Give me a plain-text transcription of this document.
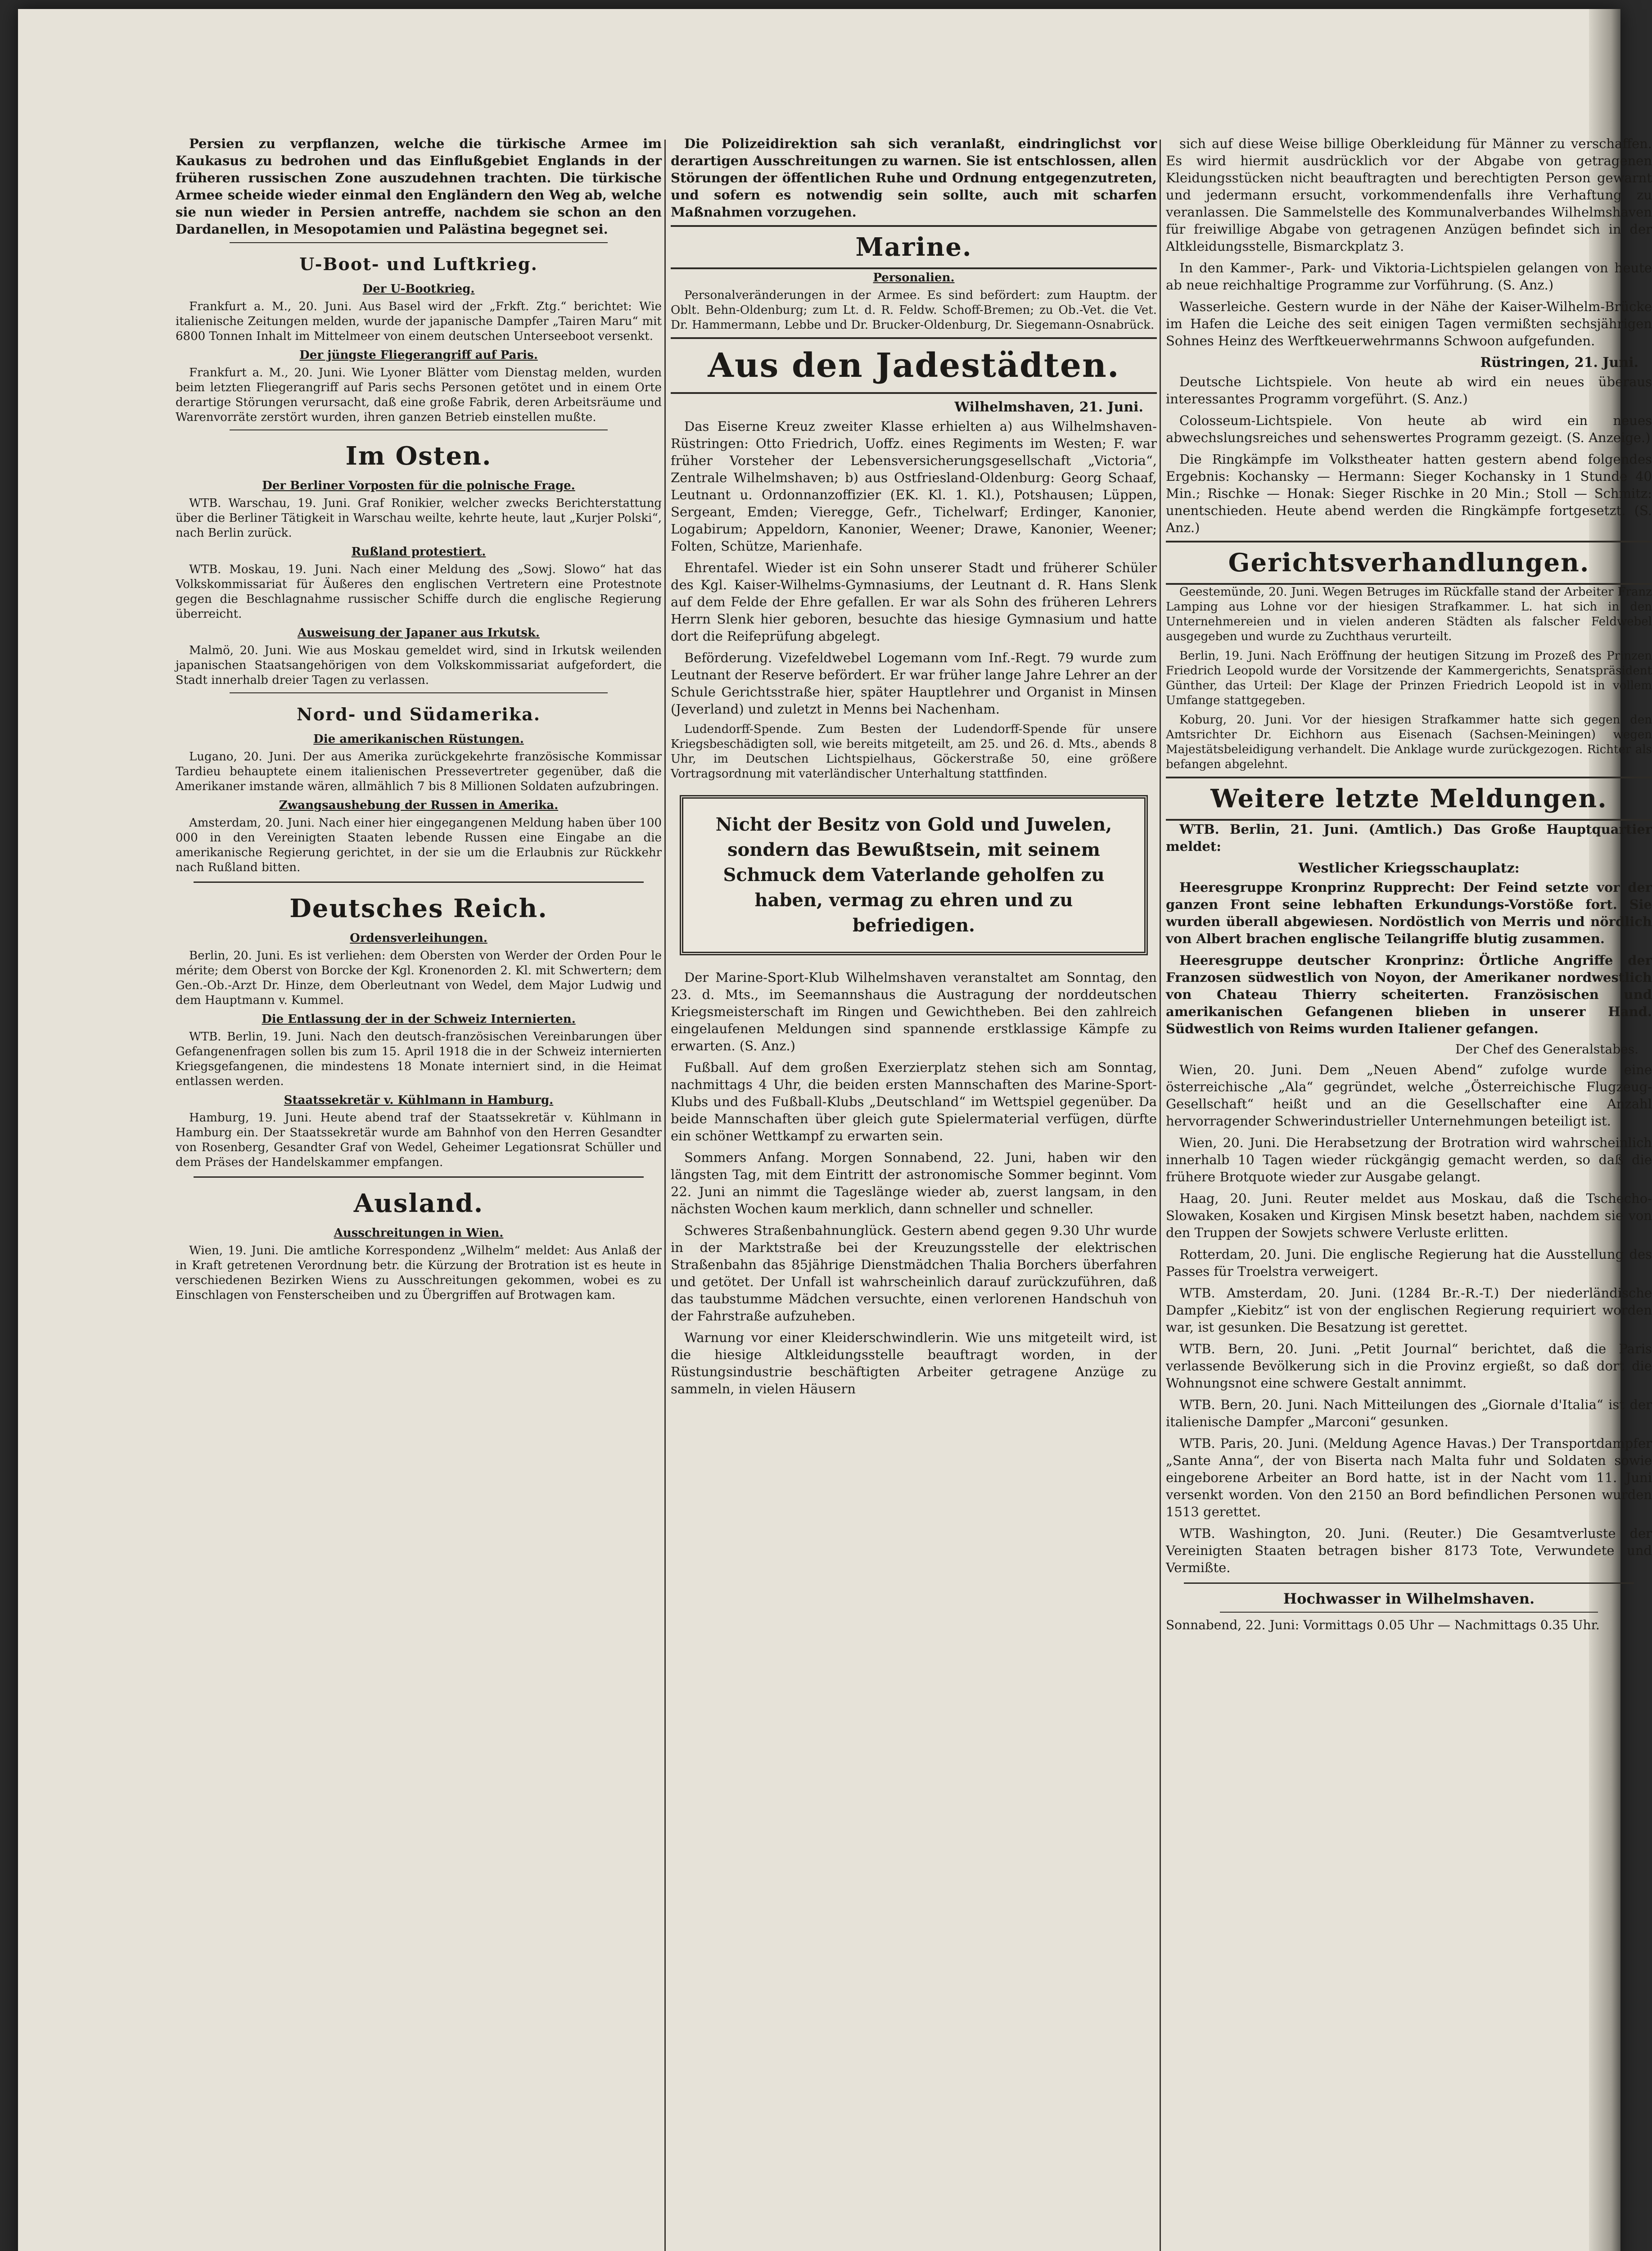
Persien zu verpflanzen, welche die türkische Armee im Kaukasus zu bedrohen und das Einflußgebiet Englands in der früheren russischen Zone auszudehnen trachten. Die türkische Armee scheide wieder einmal den Engländern den Weg ab, welche sie nun wieder in Persien antreffe, nachdem sie schon an den Dardanellen, in Mesopotamien und Palästina begegnet sei.

U-Boot- und Luftkrieg.
Der U-Bootkrieg.

Frankfurt a. M., 20. Juni. Aus Basel wird der „Frkft. Ztg.“ berichtet: Wie italienische Zeitungen melden, wurde der japanische Dampfer „Tairen Maru“ mit 6800 Tonnen Inhalt im Mittelmeer von einem deutschen Unterseeboot versenkt.

Der jüngste Fliegerangriff auf Paris.

Frankfurt a. M., 20. Juni. Wie Lyoner Blätter vom Dienstag melden, wurden beim letzten Fliegerangriff auf Paris sechs Personen getötet und in einem Orte derartige Störungen verursacht, daß eine große Fabrik, deren Arbeitsräume und Warenvorräte zerstört wurden, ihren ganzen Betrieb einstellen mußte.

Im Osten.
Der Berliner Vorposten für die polnische Frage.

WTB. Warschau, 19. Juni. Graf Ronikier, welcher zwecks Berichterstattung über die Berliner Tätigkeit in Warschau weilte, kehrte heute, laut „Kurjer Polski“, nach Berlin zurück.

Rußland protestiert.

WTB. Moskau, 19. Juni. Nach einer Meldung des „Sowj. Slowo“ hat das Volkskommissariat für Äußeres den englischen Vertretern eine Protestnote gegen die Beschlagnahme russischer Schiffe durch die englische Regierung überreicht.

Ausweisung der Japaner aus Irkutsk.

Malmö, 20. Juni. Wie aus Moskau gemeldet wird, sind in Irkutsk weilenden japanischen Staatsangehörigen von dem Volkskommissariat aufgefordert, die Stadt innerhalb dreier Tagen zu verlassen.

Nord- und Südamerika.
Die amerikanischen Rüstungen.

Lugano, 20. Juni. Der aus Amerika zurückgekehrte französische Kommissar Tardieu behauptete einem italienischen Pressevertreter gegenüber, daß die Amerikaner imstande wären, allmählich 7 bis 8 Millionen Soldaten aufzubringen.

Zwangsaushebung der Russen in Amerika.

Amsterdam, 20. Juni. Nach einer hier eingegangenen Meldung haben über 100 000 in den Vereinigten Staaten lebende Russen eine Eingabe an die amerikanische Regierung gerichtet, in der sie um die Erlaubnis zur Rückkehr nach Rußland bitten.

Deutsches Reich.
Ordensverleihungen.

Berlin, 20. Juni. Es ist verliehen: dem Obersten von Werder der Orden Pour le mérite; dem Oberst von Borcke der Kgl. Kronenorden 2. Kl. mit Schwertern; dem Gen.-Ob.-Arzt Dr. Hinze, dem Oberleutnant von Wedel, dem Major Ludwig und dem Hauptmann v. Kummel.

Die Entlassung der in der Schweiz Internierten.

WTB. Berlin, 19. Juni. Nach den deutsch-französischen Vereinbarungen über Gefangenenfragen sollen bis zum 15. April 1918 die in der Schweiz internierten Kriegsgefangenen, die mindestens 18 Monate interniert sind, in die Heimat entlassen werden.

Staatssekretär v. Kühlmann in Hamburg.

Hamburg, 19. Juni. Heute abend traf der Staatssekretär v. Kühlmann in Hamburg ein. Der Staatssekretär wurde am Bahnhof von den Herren Gesandter von Rosenberg, Gesandter Graf von Wedel, Geheimer Legationsrat Schüller und dem Präses der Handelskammer empfangen.

Ausland.
Ausschreitungen in Wien.

Wien, 19. Juni. Die amtliche Korrespondenz „Wilhelm“ meldet: Aus Anlaß der in Kraft getretenen Verordnung betr. die Kürzung der Brotration ist es heute in verschiedenen Bezirken Wiens zu Ausschreitungen gekommen, wobei es zu Einschlagen von Fensterscheiben und zu Übergriffen auf Brotwagen kam.

Die Polizeidirektion sah sich veranlaßt, eindringlichst vor derartigen Ausschreitungen zu warnen. Sie ist entschlossen, allen Störungen der öffentlichen Ruhe und Ordnung entgegenzutreten, und sofern es notwendig sein sollte, auch mit scharfen Maßnahmen vorzugehen.

Marine.
Personalien.

Personalveränderungen in der Armee. Es sind befördert: zum Hauptm. der Oblt. Behn-Oldenburg; zum Lt. d. R. Feldw. Schoff-Bremen; zu Ob.-Vet. die Vet. Dr. Hammermann, Lebbe und Dr. Brucker-Oldenburg, Dr. Siegemann-Osnabrück.

Aus den Jadestädten.
Wilhelmshaven, 21. Juni.

Das Eiserne Kreuz zweiter Klasse erhielten a) aus Wilhelmshaven-Rüstringen: Otto Friedrich, Uoffz. eines Regiments im Westen; F. war früher Vorsteher der Lebensversicherungsgesellschaft „Victoria“, Zentrale Wilhelmshaven; b) aus Ostfriesland-Oldenburg: Georg Schaaf, Leutnant u. Ordonnanzoffizier (EK. Kl. 1. Kl.), Potshausen; Lüppen, Sergeant, Emden; Vieregge, Gefr., Tichelwarf; Erdinger, Kanonier, Logabirum; Appeldorn, Kanonier, Weener; Drawe, Kanonier, Weener; Folten, Schütze, Marienhafe.

Ehrentafel. Wieder ist ein Sohn unserer Stadt und früherer Schüler des Kgl. Kaiser-Wilhelms-Gymnasiums, der Leutnant d. R. Hans Slenk auf dem Felde der Ehre gefallen. Er war als Sohn des früheren Lehrers Herrn Slenk hier geboren, besuchte das hiesige Gymnasium und hatte dort die Reifeprüfung abgelegt.

Beförderung. Vizefeldwebel Logemann vom Inf.-Regt. 79 wurde zum Leutnant der Reserve befördert. Er war früher lange Jahre Lehrer an der Schule Gerichtsstraße hier, später Hauptlehrer und Organist in Minsen (Jeverland) und zuletzt in Menns bei Nachenham.

Ludendorff-Spende. Zum Besten der Ludendorff-Spende für unsere Kriegsbeschädigten soll, wie bereits mitgeteilt, am 25. und 26. d. Mts., abends 8 Uhr, im Deutschen Lichtspielhaus, Göckerstraße 50, eine größere Vortragsordnung mit vaterländischer Unterhaltung stattfinden.

Nicht der Besitz von Gold und Juwelen, sondern das Bewußtsein, mit seinem Schmuck dem Vaterlande geholfen zu haben, vermag zu ehren und zu befriedigen.

Der Marine-Sport-Klub Wilhelmshaven veranstaltet am Sonntag, den 23. d. Mts., im Seemannshaus die Austragung der norddeutschen Kriegsmeisterschaft im Ringen und Gewichtheben. Bei den zahlreich eingelaufenen Meldungen sind spannende erstklassige Kämpfe zu erwarten. (S. Anz.)

Fußball. Auf dem großen Exerzierplatz stehen sich am Sonntag, nachmittags 4 Uhr, die beiden ersten Mannschaften des Marine-Sport-Klubs und des Fußball-Klubs „Deutschland“ im Wettspiel gegenüber. Da beide Mannschaften über gleich gute Spielermaterial verfügen, dürfte ein schöner Wettkampf zu erwarten sein.

Sommers Anfang. Morgen Sonnabend, 22. Juni, haben wir den längsten Tag, mit dem Eintritt der astronomische Sommer beginnt. Vom 22. Juni an nimmt die Tageslänge wieder ab, zuerst langsam, in den nächsten Wochen kaum merklich, dann schneller und schneller.

Schweres Straßenbahnunglück. Gestern abend gegen 9.30 Uhr wurde in der Marktstraße bei der Kreuzungsstelle der elektrischen Straßenbahn das 85jährige Dienstmädchen Thalia Borchers überfahren und getötet. Der Unfall ist wahrscheinlich darauf zurückzuführen, daß das taubstumme Mädchen versuchte, einen verlorenen Handschuh von der Fahrstraße aufzuheben.

Warnung vor einer Kleiderschwindlerin. Wie uns mitgeteilt wird, ist die hiesige Altkleidungsstelle beauftragt worden, in der Rüstungsindustrie beschäftigten Arbeiter getragene Anzüge zu sammeln, in vielen Häusern

sich auf diese Weise billige Oberkleidung für Männer zu verschaffen. Es wird hiermit ausdrücklich vor der Abgabe von getragenen Kleidungsstücken nicht beauftragten und berechtigten Person gewarnt und jedermann ersucht, vorkommendenfalls ihre Verhaftung zu veranlassen. Die Sammelstelle des Kommunalverbandes Wilhelmshaven für freiwillige Abgabe von getragenen Anzügen befindet sich in der Altkleidungsstelle, Bismarckplatz 3.

In den Kammer-, Park- und Viktoria-Lichtspielen gelangen von heute ab neue reichhaltige Programme zur Vorführung. (S. Anz.)

Wasserleiche. Gestern wurde in der Nähe der Kaiser-Wilhelm-Brücke im Hafen die Leiche des seit einigen Tagen vermißten sechsjährigen Sohnes Heinz des Werftkeuerwehrmanns Schwoon aufgefunden.

Rüstringen, 21. Juni.

Deutsche Lichtspiele. Von heute ab wird ein neues überaus interessantes Programm vorgeführt. (S. Anz.)

Colosseum-Lichtspiele. Von heute ab wird ein neues abwechslungsreiches und sehenswertes Programm gezeigt. (S. Anzeige.)

Die Ringkämpfe im Volkstheater hatten gestern abend folgendes Ergebnis: Kochansky — Hermann: Sieger Kochansky in 1 Stunde 40 Min.; Rischke — Honak: Sieger Rischke in 20 Min.; Stoll — Schmitz: unentschieden. Heute abend werden die Ringkämpfe fortgesetzt. (S. Anz.)

Gerichtsverhandlungen.

Geestemünde, 20. Juni. Wegen Betruges im Rückfalle stand der Arbeiter Franz Lamping aus Lohne vor der hiesigen Strafkammer. L. hat sich in den Unternehmereien und in vielen anderen Städten als falscher Feldwebel ausgegeben und wurde zu Zuchthaus verurteilt.

Berlin, 19. Juni. Nach Eröffnung der heutigen Sitzung im Prozeß des Prinzen Friedrich Leopold wurde der Vorsitzende der Kammergerichts, Senatspräsident Günther, das Urteil: Der Klage der Prinzen Friedrich Leopold ist in vollem Umfange stattgegeben.

Koburg, 20. Juni. Vor der hiesigen Strafkammer hatte sich gegen den Amtsrichter Dr. Eichhorn aus Eisenach (Sachsen-Meiningen) wegen Majestätsbeleidigung verhandelt. Die Anklage wurde zurückgezogen. Richter als befangen abgelehnt.

Weitere letzte Meldungen.

WTB. Berlin, 21. Juni. (Amtlich.) Das Große Hauptquartier meldet:

Westlicher Kriegsschauplatz:

Heeresgruppe Kronprinz Rupprecht: Der Feind setzte vor der ganzen Front seine lebhaften Erkundungs-Vorstöße fort. Sie wurden überall abgewiesen. Nordöstlich von Merris und nördlich von Albert brachen englische Teilangriffe blutig zusammen.

Heeresgruppe deutscher Kronprinz: Örtliche Angriffe der Franzosen südwestlich von Noyon, der Amerikaner nordwestlich von Chateau Thierry scheiterten. Französischen und amerikanischen Gefangenen blieben in unserer Hand. Südwestlich von Reims wurden Italiener gefangen.

Der Chef des Generalstabes.

Wien, 20. Juni. Dem „Neuen Abend“ zufolge wurde eine österreichische „Ala“ gegründet, welche „Österreichische Flugzeug-Gesellschaft“ heißt und an die Gesellschafter eine Anzahl hervorragender Schwerindustrieller Unternehmungen beteiligt ist.

Wien, 20. Juni. Die Herabsetzung der Brotration wird wahrscheinlich innerhalb 10 Tagen wieder rückgängig gemacht werden, so daß die frühere Brotquote wieder zur Ausgabe gelangt.

Haag, 20. Juni. Reuter meldet aus Moskau, daß die Tschecho-Slowaken, Kosaken und Kirgisen Minsk besetzt haben, nachdem sie von den Truppen der Sowjets schwere Verluste erlitten.

Rotterdam, 20. Juni. Die englische Regierung hat die Ausstellung des Passes für Troelstra verweigert.

WTB. Amsterdam, 20. Juni. (1284 Br.-R.-T.) Der niederländische Dampfer „Kiebitz“ ist von der englischen Regierung requiriert worden war, ist gesunken. Die Besatzung ist gerettet.

WTB. Bern, 20. Juni. „Petit Journal“ berichtet, daß die Paris verlassende Bevölkerung sich in die Provinz ergießt, so daß dort die Wohnungsnot eine schwere Gestalt annimmt.

WTB. Bern, 20. Juni. Nach Mitteilungen des „Giornale d'Italia“ ist der italienische Dampfer „Marconi“ gesunken.

WTB. Paris, 20. Juni. (Meldung Agence Havas.) Der Transportdampfer „Sante Anna“, der von Biserta nach Malta fuhr und Soldaten sowie eingeborene Arbeiter an Bord hatte, ist in der Nacht vom 11. Juni versenkt worden. Von den 2150 an Bord befindlichen Personen wurden 1513 gerettet.

WTB. Washington, 20. Juni. (Reuter.) Die Gesamtverluste der Vereinigten Staaten betragen bisher 8173 Tote, Verwundete und Vermißte.

Hochwasser in Wilhelmshaven.
Sonnabend, 22. Juni: Vormittags 0.05 Uhr — Nachmittags 0.35 Uhr.
